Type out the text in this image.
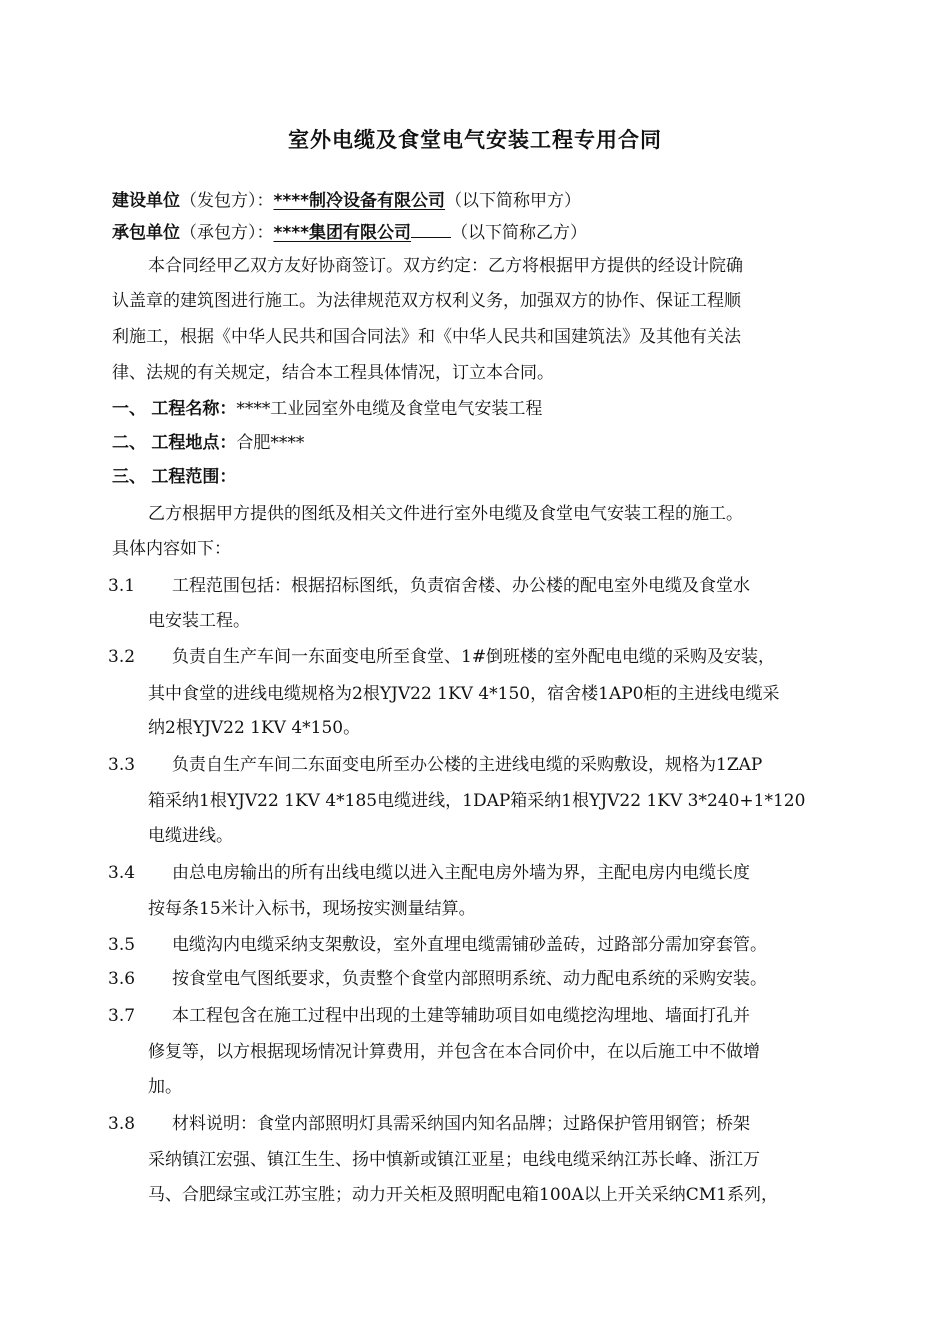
室外电缆及食堂电气安装工程专用合同
建设单位（发包方）：****制冷设备有限公司（以下简称甲方）
承包单位（承包方）：****集团有限公司 （以下简称乙方）
本合同经甲乙双方友好协商签订。双方约定：乙方将根据甲方提供的经设计院确
认盖章的建筑图进行施工。为法律规范双方权利义务，加强双方的协作、保证工程顺
利施工，根据《中华人民共和国合同法》和《中华人民共和国建筑法》及其他有关法
律、法规的有关规定，结合本工程具体情况，订立本合同。
一、 工程名称：****工业园室外电缆及食堂电气安装工程
二、 工程地点：合肥****
三、 工程范围：
乙方根据甲方提供的图纸及相关文件进行室外电缆及食堂电气安装工程的施工。
具体内容如下：
3.1 工程范围包括：根据招标图纸，负责宿舍楼、办公楼的配电室外电缆及食堂水
电安装工程。
3.2 负责自生产车间一东面变电所至食堂、1#倒班楼的室外配电电缆的采购及安装，
其中食堂的进线电缆规格为2根YJV22 1KV 4*150，宿舍楼1AP0柜的主进线电缆采
纳2根YJV22 1KV 4*150。
3.3 负责自生产车间二东面变电所至办公楼的主进线电缆的采购敷设，规格为1ZAP
箱采纳1根YJV22 1KV 4*185电缆进线，1DAP箱采纳1根YJV22 1KV 3*240+1*120
电缆进线。
3.4 由总电房输出的所有出线电缆以进入主配电房外墙为界，主配电房内电缆长度
按每条15米计入标书，现场按实测量结算。
3.5 电缆沟内电缆采纳支架敷设，室外直埋电缆需铺砂盖砖，过路部分需加穿套管。
3.6 按食堂电气图纸要求，负责整个食堂内部照明系统、动力配电系统的采购安装。
3.7 本工程包含在施工过程中出现的土建等辅助项目如电缆挖沟埋地、墙面打孔并
修复等，以方根据现场情况计算费用，并包含在本合同价中，在以后施工中不做增
加。
3.8 材料说明：食堂内部照明灯具需采纳国内知名品牌；过路保护管用钢管；桥架
采纳镇江宏强、镇江生生、扬中慎新或镇江亚星；电线电缆采纳江苏长峰、浙江万
马、合肥绿宝或江苏宝胜；动力开关柜及照明配电箱100A以上开关采纳CM1系列，
